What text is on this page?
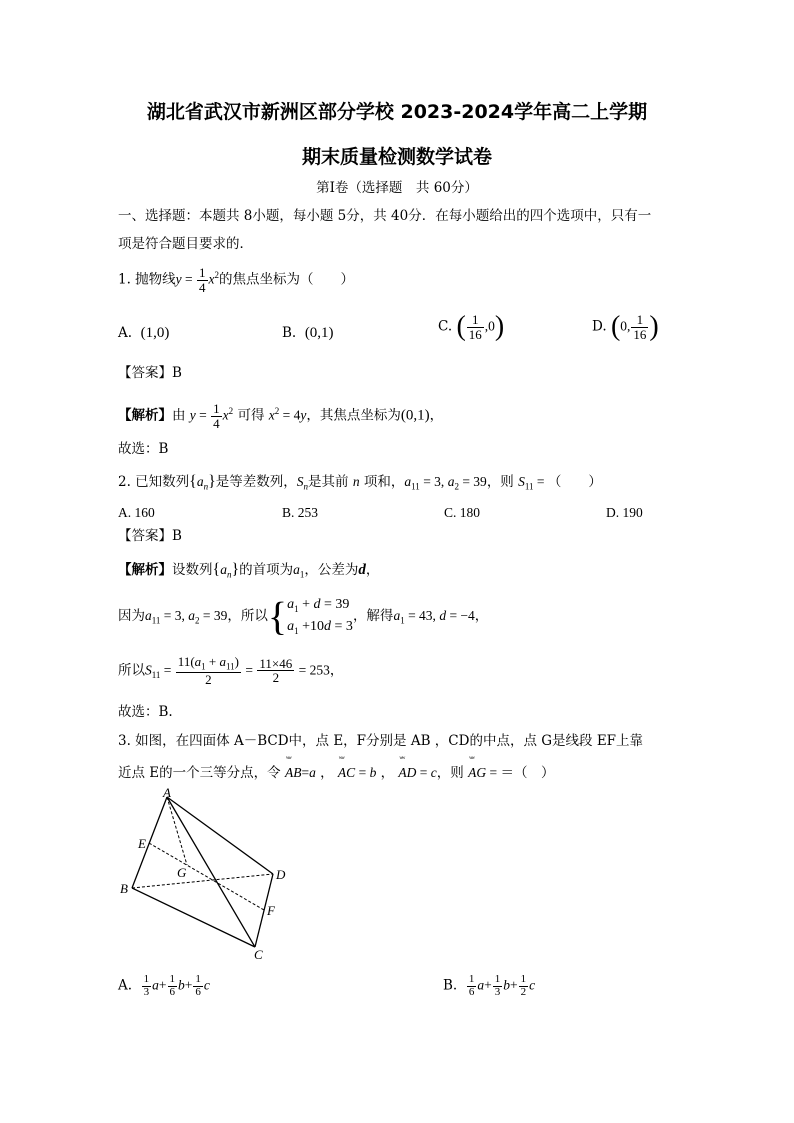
湖北省武汉市新洲区部分学校 2023-2024学年高二上学期
期末质量检测数学试卷
第Ⅰ卷（选择题　共 60分）
一、选择题：本题共 8小题，每小题 5分，共 40分．在每小题给出的四个选项中，只有一
项是符合题目要求的．
1. 抛物线$y = \frac{1}{4} x^2$的焦点坐标为（　　）
A. (1,0)	B. (0,1)	C. ( $\frac{1}{16} ,0$)	D. (0, $\frac{1}{16}$ )
【答案】B
【解析】由 $y = \frac{1}{4} x^2$ 可得 $x^2 = 4y$，其焦点坐标为(0,1)，
故选：B
2. 已知数列$\{a_n\}$是等差数列，$S_n$是其前 n 项和，$a_{11} = 3$, $a_2 = 39$，则 $S_{11}$ = （　　）
A. 160	B. 253	C. 180	D. 190
【答案】B
【解析】设数列$\{a_n\}$的首项为$a_1$，公差为d，
因为$a_{11} = 3$, $a_2 = 39$，所以{ $a_1 + d = 39$
$a_1 +10d = 3$
，解得$a_1 = 43$, d = −4，
所以$S_{11} = \frac{11(a_1 + a_{11})}{2} = \frac{11\times 46}{2} = 253$，
故选：B.
3. 如图，在四面体 A－BCD中，点 E，F分别是 AB ，CD的中点，点 G是线段 EF上靠
近点 E的一个三等分点，令 ʷʷ AB=a ， ʷʷ AC = b ， ʷʷ AD = c，则 ʷʷ AG = ＝（　）
A
B
C
D
E
F
G
A. $\frac{1}{3} a+ \frac{1}{6} b+ \frac{1}{6}$ c	B. $\frac{1}{6} a+ \frac{1}{3} b+ \frac{1}{2}$ c
